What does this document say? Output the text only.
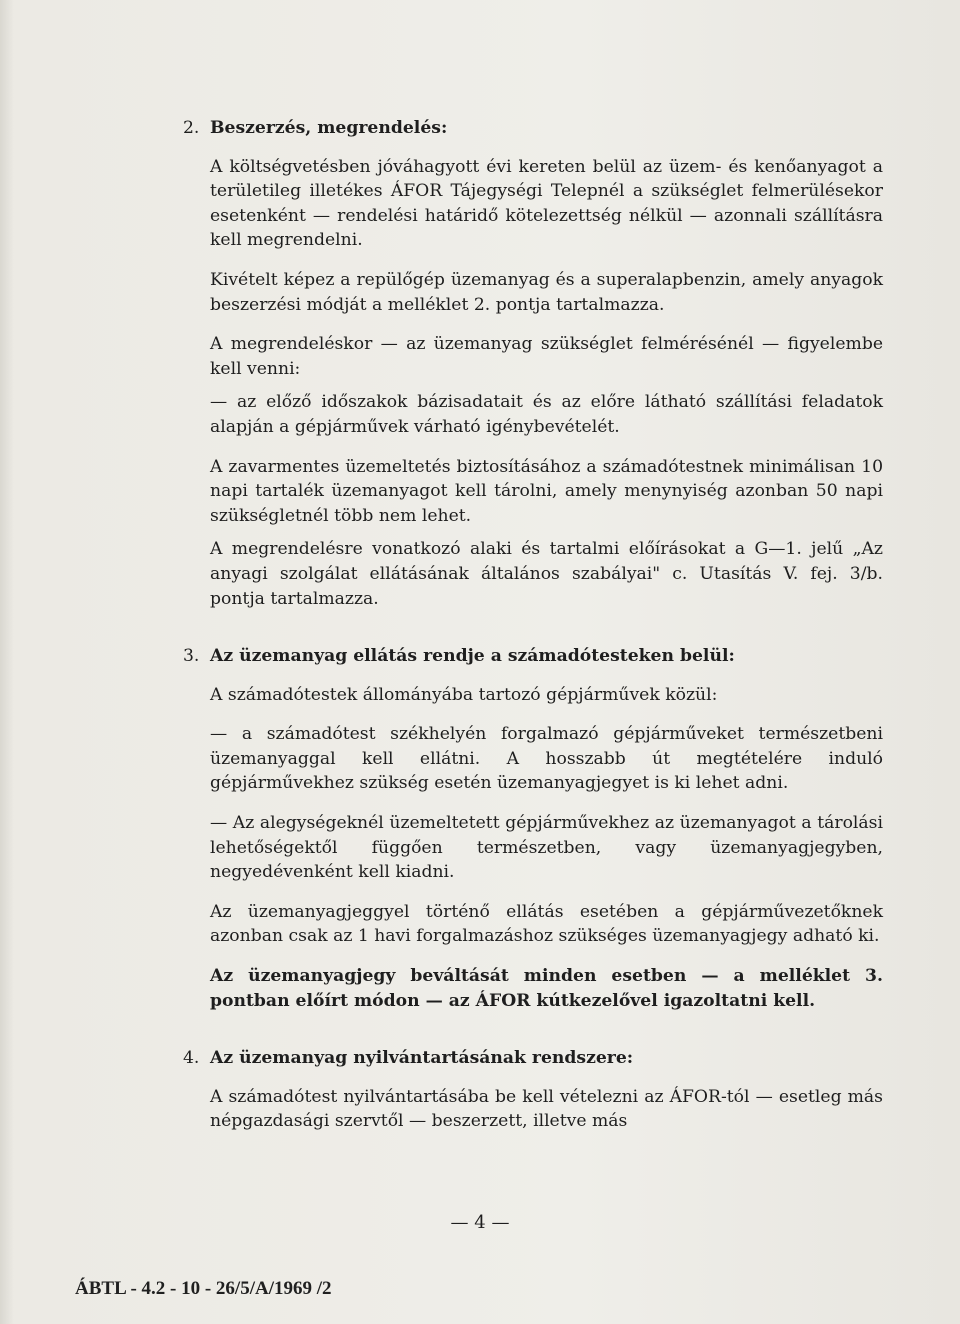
2. Beszerzés, megrendelés:

A költségvetésben jóváhagyott évi kereten belül az üzem- és kenőanyagot a területileg illetékes ÁFOR Tájegységi Telepnél a szükséglet felmerülésekor esetenként — rendelési határidő kötelezettség nélkül — azonnali szállításra kell megrendelni.

Kivételt képez a repülőgép üzemanyag és a superalapbenzin, amely anyagok beszerzési módját a melléklet 2. pontja tartalmazza.

A megrendeléskor — az üzemanyag szükséglet felmérésénél — figyelembe kell venni:

— az előző időszakok bázisadatait és az előre látható szállítási feladatok alapján a gépjárművek várható igénybevételét.

A zavarmentes üzemeltetés biztosításához a számadótestnek minimálisan 10 napi tartalék üzemanyagot kell tárolni, amely menynyiség azonban 50 napi szükségletnél több nem lehet.

A megrendelésre vonatkozó alaki és tartalmi előírásokat a G—1. jelű „Az anyagi szolgálat ellátásának általános szabályai" c. Utasítás V. fej. 3/b. pontja tartalmazza.

3. Az üzemanyag ellátás rendje a számadótesteken belül:

A számadótestek állományába tartozó gépjárművek közül:

— a számadótest székhelyén forgalmazó gépjárműveket természetbeni üzemanyaggal kell ellátni. A hosszabb út megtételére induló gépjárművekhez szükség esetén üzemanyagjegyet is ki lehet adni.

— Az alegységeknél üzemeltetett gépjárművekhez az üzemanyagot a tárolási lehetőségektől függően természetben, vagy üzemanyagjegyben, negyedévenként kell kiadni.

Az üzemanyagjeggyel történő ellátás esetében a gépjárművezetőknek azonban csak az 1 havi forgalmazáshoz szükséges üzemanyagjegy adható ki.

Az üzemanyagjegy beváltását minden esetben — a melléklet 3. pontban előírt módon — az ÁFOR kútkezelővel igazoltatni kell.

4. Az üzemanyag nyilvántartásának rendszere:

A számadótest nyilvántartásába be kell vételezni az ÁFOR-tól — esetleg más népgazdasági szervtől — beszerzett, illetve más

— 4 —
ÁBTL - 4.2 - 10 - 26/5/A/1969 /2
